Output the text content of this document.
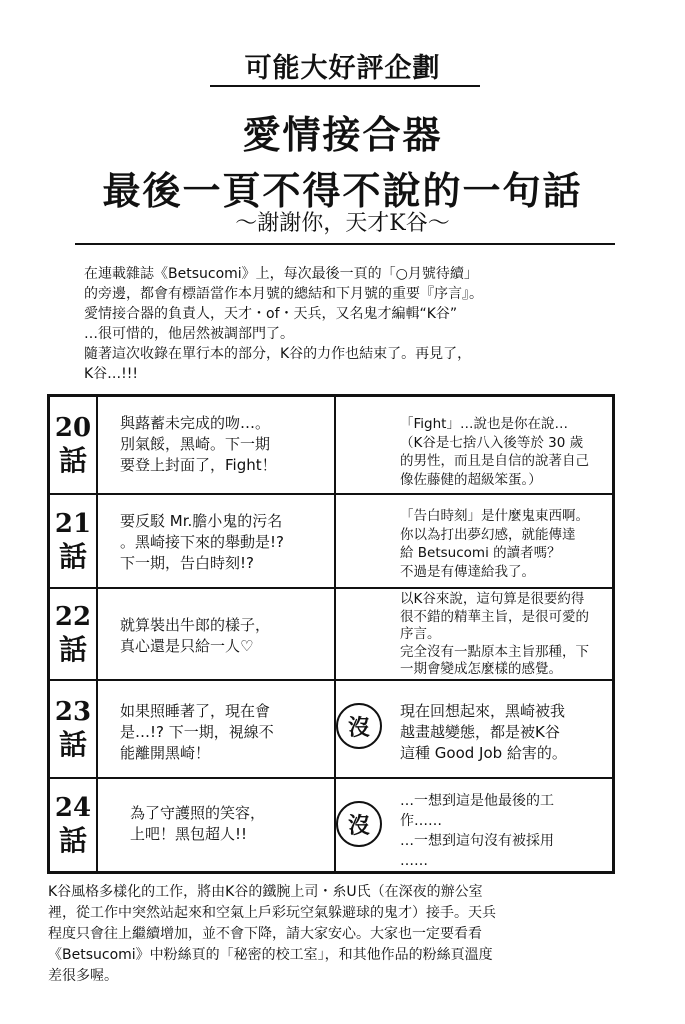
可能大好評企劃
愛情接合器
最後一頁不得不說的一句話
～謝謝你，天才K谷～

在連載雜誌《Betsucomi》上，每次最後一頁的「○月號待續」

的旁邊，都會有標語當作本月號的總結和下月號的重要『序言』。

愛情接合器的負責人，天才・of・天兵，又名鬼才編輯“K谷”

…很可惜的，他居然被調部門了。

隨著這次收錄在單行本的部分，K谷的力作也結束了。再見了，

K谷…!!!

20
話
與蕗蓄未完成的吻…。
別氣餒，黑崎。下一期
要登上封面了，Fight！
「Fight」…說也是你在說…
（K谷是七捨八入後等於 30 歲
的男性，而且是自信的說著自己
像佐藤健的超級笨蛋。）
21
話
要反駁 Mr.膽小鬼的污名
。黑崎接下來的舉動是!?
下一期，告白時刻!?
「告白時刻」是什麼鬼東西啊。
你以為打出夢幻感，就能傳達
給 Betsucomi 的讀者嗎？
不過是有傳達給我了。
22
話
就算裝出牛郎的樣子，
真心還是只給一人♡
以K谷來說，這句算是很要約得
很不錯的精華主旨，是很可愛的
序言。
完全沒有一點原本主旨那種，下
一期會變成怎麼樣的感覺。
23
話
如果照睡著了，現在會
是…!? 下一期，視線不
能離開黑崎！
沒
現在回想起來，黑崎被我
越畫越變態，都是被K谷
這種 Good Job 給害的。
24
話
為了守護照的笑容，
上吧！黑包超人!!	沒
…一想到這是他最後的工
作……
…一想到這句沒有被採用
……

K谷風格多樣化的工作，將由K谷的鐵腕上司・糸U氏（在深夜的辦公室

裡，從工作中突然站起來和空氣上戶彩玩空氣躲避球的鬼才）接手。天兵

程度只會往上繼續增加，並不會下降，請大家安心。大家也一定要看看

《Betsucomi》中粉絲頁的「秘密的校工室」，和其他作品的粉絲頁溫度

差很多喔。
